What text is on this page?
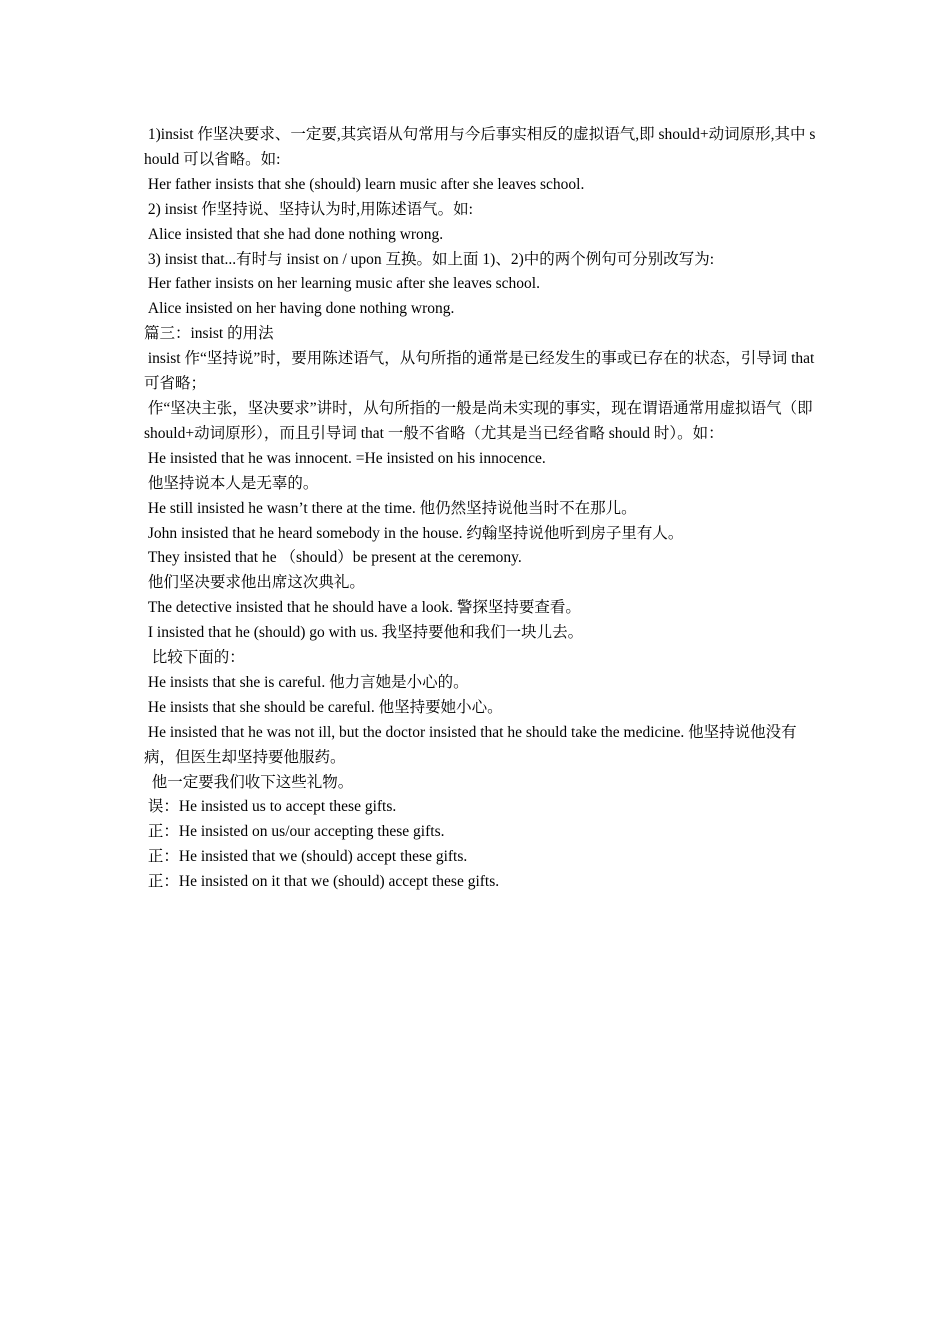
1)insist 作坚决要求、一定要,其宾语从句常用与今后事实相反的虚拟语气,即 should+动词原形,其中 should 可以省略。如:

Her father insists that she (should) learn music after she leaves school.

2) insist 作坚持说、坚持认为时,用陈述语气。如:

Alice insisted that she had done nothing wrong.

3) insist that...有时与 insist on / upon 互换。如上面 1)、2)中的两个例句可分别改写为:

Her father insists on her learning music after she leaves school.

Alice insisted on her having done nothing wrong.

篇三：insist 的用法

insist 作“坚持说”时，要用陈述语气，从句所指的通常是已经发生的事或已存在的状态，引导词 that 可省略；

作“坚决主张，坚决要求”讲时，从句所指的一般是尚未实现的事实，现在谓语通常用虚拟语气（即 should+动词原形），而且引导词 that 一般不省略（尤其是当已经省略 should 时）。如：

He insisted that he was innocent. =He insisted on his innocence.

他坚持说本人是无辜的。

He still insisted he wasn’t there at the time. 他仍然坚持说他当时不在那儿。

John insisted that he heard somebody in the house. 约翰坚持说他听到房子里有人。

They insisted that he （should）be present at the ceremony.

他们坚决要求他出席这次典礼。

The detective insisted that he should have a look. 警探坚持要查看。

I insisted that he (should) go with us. 我坚持要他和我们一块儿去。

比较下面的：

He insists that she is careful. 他力言她是小心的。

He insists that she should be careful. 他坚持要她小心。

He insisted that he was not ill, but the doctor insisted that he should take the medicine. 他坚持说他没有病，但医生却坚持要他服药。

他一定要我们收下这些礼物。

误：He insisted us to accept these gifts.

正：He insisted on us/our accepting these gifts.

正：He insisted that we (should) accept these gifts.

正：He insisted on it that we (should) accept these gifts.
